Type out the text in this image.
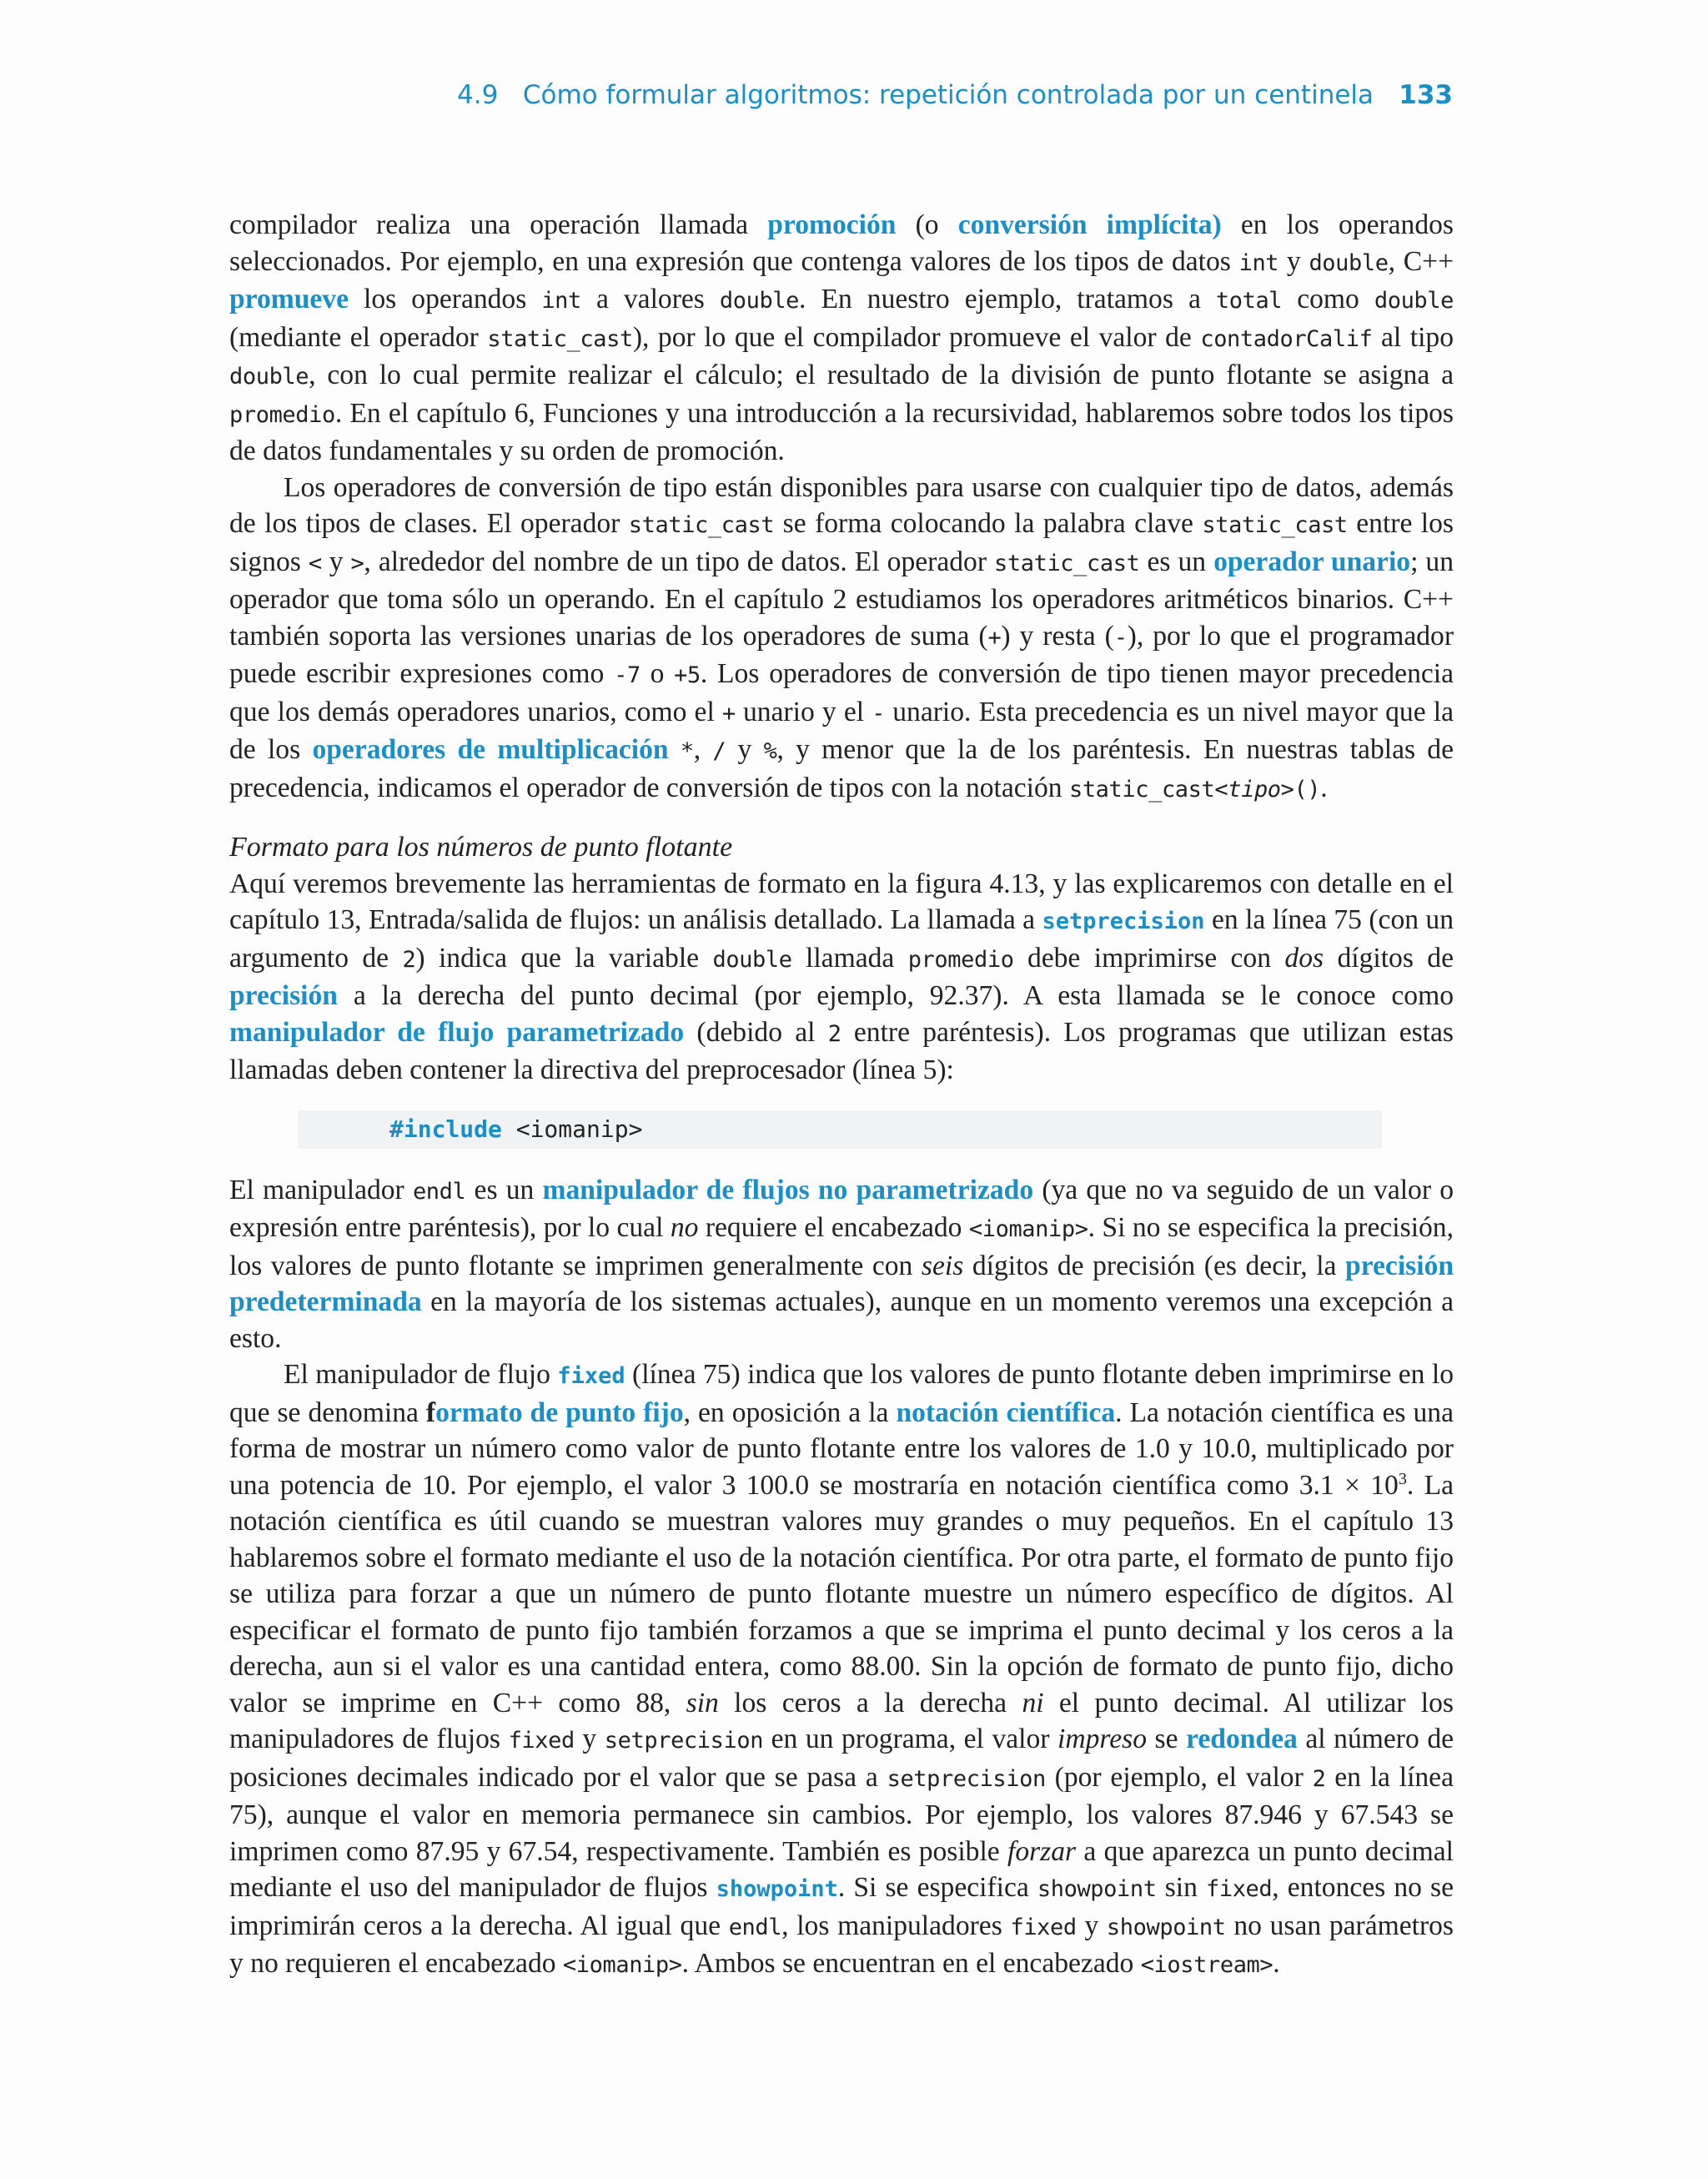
4.9 Cómo formular algoritmos: repetición controlada por un centinela 133

compilador realiza una operación llamada promoción (o conversión implícita) en los operandos seleccionados. Por ejemplo, en una expresión que contenga valores de los tipos de datos int y double, C++ promueve los operandos int a valores double. En nuestro ejemplo, tratamos a total como double (mediante el operador static_cast), por lo que el compilador promueve el valor de contadorCalif al tipo double, con lo cual permite realizar el cálculo; el resultado de la división de punto flotante se asigna a promedio. En el capítulo 6, Funciones y una introducción a la recursividad, hablaremos sobre todos los tipos de datos fundamentales y su orden de promoción.

Los operadores de conversión de tipo están disponibles para usarse con cualquier tipo de datos, además de los tipos de clases. El operador static_cast se forma colocando la palabra clave static_cast entre los signos < y >, alrededor del nombre de un tipo de datos. El operador static_cast es un operador unario; un operador que toma sólo un operando. En el capítulo 2 estudiamos los operadores aritméticos binarios. C++ también soporta las versiones unarias de los operadores de suma (+) y resta (-), por lo que el programador puede escribir expresiones como -7 o +5. Los operadores de conversión de tipo tienen mayor precedencia que los demás operadores unarios, como el + unario y el - unario. Esta precedencia es un nivel mayor que la de los operadores de multiplicación *, / y %, y menor que la de los paréntesis. En nuestras tablas de precedencia, indicamos el operador de conversión de tipos con la notación static_cast<tipo>().

Formato para los números de punto flotante

Aquí veremos brevemente las herramientas de formato en la figura 4.13, y las explicaremos con detalle en el capítulo 13, Entrada/salida de flujos: un análisis detallado. La llamada a setprecision en la línea 75 (con un argumento de 2) indica que la variable double llamada promedio debe imprimirse con dos dígitos de precisión a la derecha del punto decimal (por ejemplo, 92.37). A esta llamada se le conoce como manipulador de flujo parametrizado (debido al 2 entre paréntesis). Los programas que utilizan estas llamadas deben contener la directiva del preprocesador (línea 5):

#include <iomanip>

El manipulador endl es un manipulador de flujos no parametrizado (ya que no va seguido de un valor o expresión entre paréntesis), por lo cual no requiere el encabezado <iomanip>. Si no se especifica la precisión, los valores de punto flotante se imprimen generalmente con seis dígitos de precisión (es decir, la precisión predeterminada en la mayoría de los sistemas actuales), aunque en un momento veremos una excepción a esto.

El manipulador de flujo fixed (línea 75) indica que los valores de punto flotante deben imprimirse en lo que se denomina formato de punto fijo, en oposición a la notación científica. La notación científica es una forma de mostrar un número como valor de punto flotante entre los valores de 1.0 y 10.0, multiplicado por una potencia de 10. Por ejemplo, el valor 3 100.0 se mostraría en notación científica como $3.1 \times 10^3$. La notación científica es útil cuando se muestran valores muy grandes o muy pequeños. En el capítulo 13 hablaremos sobre el formato mediante el uso de la notación científica. Por otra parte, el formato de punto fijo se utiliza para forzar a que un número de punto flotante muestre un número específico de dígitos. Al especificar el formato de punto fijo también forzamos a que se imprima el punto decimal y los ceros a la derecha, aun si el valor es una cantidad entera, como 88.00. Sin la opción de formato de punto fijo, dicho valor se imprime en C++ como 88, sin los ceros a la derecha ni el punto decimal. Al utilizar los manipuladores de flujos fixed y setprecision en un programa, el valor impreso se redondea al número de posiciones decimales indicado por el valor que se pasa a setprecision (por ejemplo, el valor 2 en la línea 75), aunque el valor en memoria permanece sin cambios. Por ejemplo, los valores 87.946 y 67.543 se imprimen como 87.95 y 67.54, respectivamente. También es posible forzar a que aparezca un punto decimal mediante el uso del manipulador de flujos showpoint. Si se especifica showpoint sin fixed, entonces no se imprimirán ceros a la derecha. Al igual que endl, los manipuladores fixed y showpoint no usan parámetros y no requieren el encabezado <iomanip>. Ambos se encuentran en el encabezado <iostream>.
